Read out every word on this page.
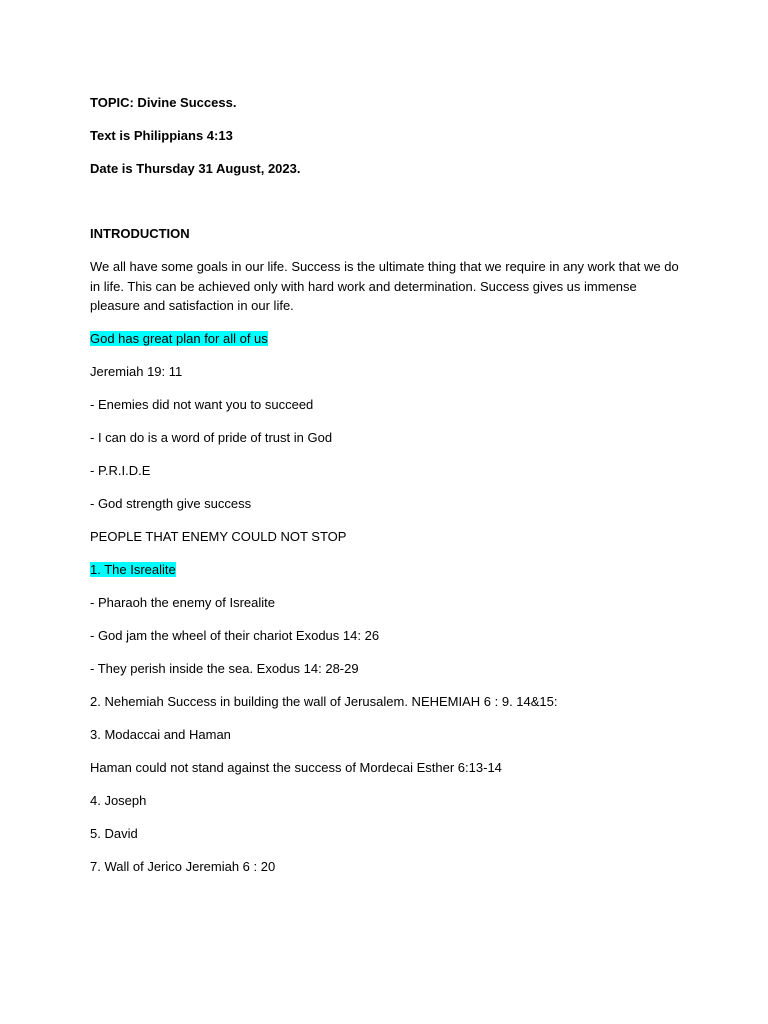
TOPIC: Divine Success.

Text is Philippians 4:13

Date is Thursday 31 August, 2023.

INTRODUCTION

We all have some goals in our life. Success is the ultimate thing that we require in any work that we do in life. This can be achieved only with hard work and determination. Success gives us immense pleasure and satisfaction in our life.

God has great plan for all of us

Jeremiah 19: 11

- Enemies did not want you to succeed

- I can do is a word of pride of trust in God

- P.R.I.D.E

- God strength give success

PEOPLE THAT ENEMY COULD NOT STOP

1. The Isrealite

- Pharaoh the enemy of Isrealite

- God jam the wheel of their chariot Exodus 14: 26

- They perish inside the sea. Exodus 14: 28-29

2. Nehemiah Success in building the wall of Jerusalem. NEHEMIAH 6 : 9. 14&15:

3. Modaccai and Haman

Haman could not stand against the success of Mordecai Esther 6:13-14

4. Joseph

5. David

7. Wall of Jerico Jeremiah 6 : 20
